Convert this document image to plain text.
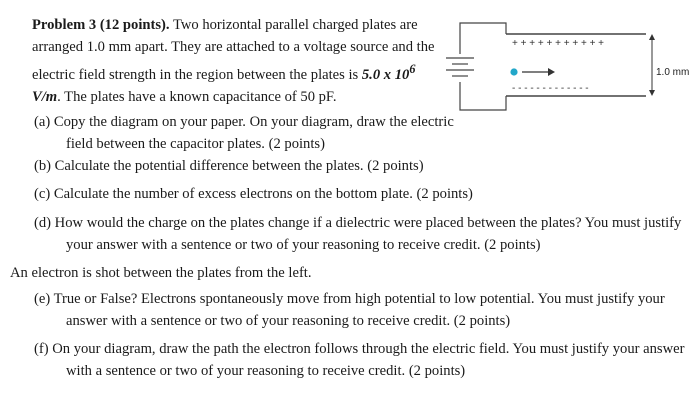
Problem 3 (12 points). Two horizontal parallel charged plates are arranged 1.0 mm apart. They are attached to a voltage source and the electric field strength in the region between the plates is 5.0 x $10^6$ V/m. The plates have a known capacitance of 50 pF.

+ + + + + + + + + + +
- - - - - - - - - - - - -
1.0 mm

(a) Copy the diagram on your paper. On your diagram, draw the electric field between the capacitor plates. (2 points)

(b) Calculate the potential difference between the plates. (2 points)

(c) Calculate the number of excess electrons on the bottom plate. (2 points)

(d) How would the charge on the plates change if a dielectric were placed between the plates? You must justify your answer with a sentence or two of your reasoning to receive credit. (2 points)

An electron is shot between the plates from the left.

(e) True or False? Electrons spontaneously move from high potential to low potential. You must justify your answer with a sentence or two of your reasoning to receive credit. (2 points)

(f) On your diagram, draw the path the electron follows through the electric field. You must justify your answer with a sentence or two of your reasoning to receive credit. (2 points)
